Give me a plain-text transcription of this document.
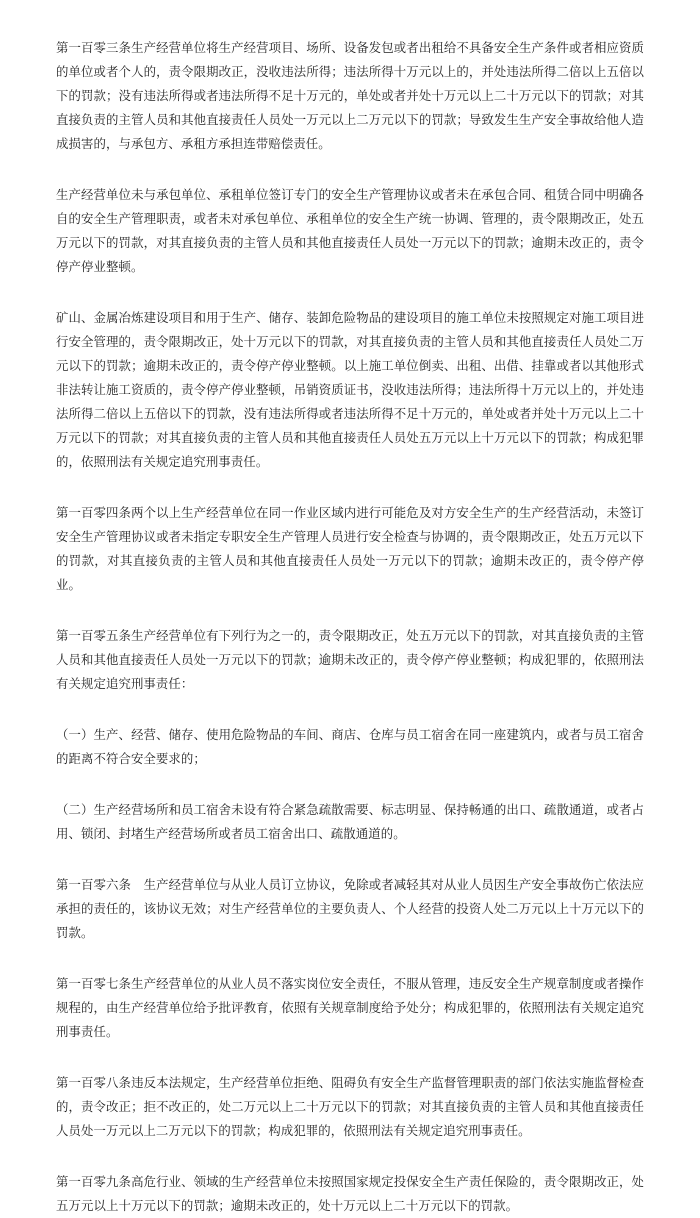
第一百零三条生产经营单位将生产经营项目、场所、设备发包或者出租给不具备安全生产条件或者相应资质的单位或者个人的，责令限期改正，没收违法所得；违法所得十万元以上的，并处违法所得二倍以上五倍以下的罚款；没有违法所得或者违法所得不足十万元的，单处或者并处十万元以上二十万元以下的罚款；对其直接负责的主管人员和其他直接责任人员处一万元以上二万元以下的罚款；导致发生生产安全事故给他人造成损害的，与承包方、承租方承担连带赔偿责任。

生产经营单位未与承包单位、承租单位签订专门的安全生产管理协议或者未在承包合同、租赁合同中明确各自的安全生产管理职责，或者未对承包单位、承租单位的安全生产统一协调、管理的，责令限期改正，处五万元以下的罚款，对其直接负责的主管人员和其他直接责任人员处一万元以下的罚款；逾期未改正的，责令停产停业整顿。

矿山、金属冶炼建设项目和用于生产、储存、装卸危险物品的建设项目的施工单位未按照规定对施工项目进行安全管理的，责令限期改正，处十万元以下的罚款，对其直接负责的主管人员和其他直接责任人员处二万元以下的罚款；逾期未改正的，责令停产停业整顿。以上施工单位倒卖、出租、出借、挂靠或者以其他形式非法转让施工资质的，责令停产停业整顿，吊销资质证书，没收违法所得；违法所得十万元以上的，并处违法所得二倍以上五倍以下的罚款，没有违法所得或者违法所得不足十万元的，单处或者并处十万元以上二十万元以下的罚款；对其直接负责的主管人员和其他直接责任人员处五万元以上十万元以下的罚款；构成犯罪的，依照刑法有关规定追究刑事责任。

第一百零四条两个以上生产经营单位在同一作业区域内进行可能危及对方安全生产的生产经营活动，未签订安全生产管理协议或者未指定专职安全生产管理人员进行安全检查与协调的，责令限期改正，处五万元以下的罚款，对其直接负责的主管人员和其他直接责任人员处一万元以下的罚款；逾期未改正的，责令停产停业。

第一百零五条生产经营单位有下列行为之一的，责令限期改正，处五万元以下的罚款，对其直接负责的主管人员和其他直接责任人员处一万元以下的罚款；逾期未改正的，责令停产停业整顿；构成犯罪的，依照刑法有关规定追究刑事责任：

（一）生产、经营、储存、使用危险物品的车间、商店、仓库与员工宿舍在同一座建筑内，或者与员工宿舍的距离不符合安全要求的；

（二）生产经营场所和员工宿舍未设有符合紧急疏散需要、标志明显、保持畅通的出口、疏散通道，或者占用、锁闭、封堵生产经营场所或者员工宿舍出口、疏散通道的。

第一百零六条　生产经营单位与从业人员订立协议，免除或者减轻其对从业人员因生产安全事故伤亡依法应承担的责任的，该协议无效；对生产经营单位的主要负责人、个人经营的投资人处二万元以上十万元以下的罚款。

第一百零七条生产经营单位的从业人员不落实岗位安全责任，不服从管理，违反安全生产规章制度或者操作规程的，由生产经营单位给予批评教育，依照有关规章制度给予处分；构成犯罪的，依照刑法有关规定追究刑事责任。

第一百零八条违反本法规定，生产经营单位拒绝、阻碍负有安全生产监督管理职责的部门依法实施监督检查的，责令改正；拒不改正的，处二万元以上二十万元以下的罚款；对其直接负责的主管人员和其他直接责任人员处一万元以上二万元以下的罚款；构成犯罪的，依照刑法有关规定追究刑事责任。

第一百零九条高危行业、领域的生产经营单位未按照国家规定投保安全生产责任保险的，责令限期改正，处五万元以上十万元以下的罚款；逾期未改正的，处十万元以上二十万元以下的罚款。
